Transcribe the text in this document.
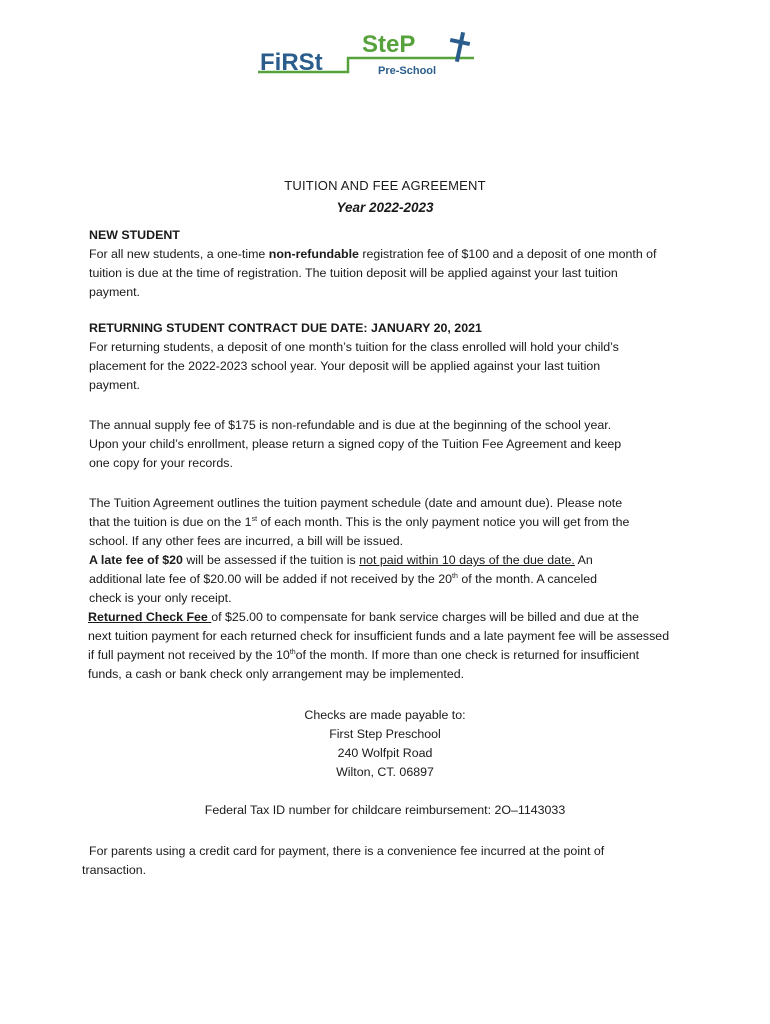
FiRSt
SteP
Pre-School
TUITION AND FEE AGREEMENT
Year 2022-2023
NEW STUDENT
For all new students, a one-time non-refundable registration fee of $100 and a deposit of one month of
tuition is due at the time of registration. The tuition deposit will be applied against your last tuition
payment.
RETURNING STUDENT CONTRACT DUE DATE: JANUARY 20, 2021
For returning students, a deposit of one month’s tuition for the class enrolled will hold your child’s
placement for the 2022-2023 school year. Your deposit will be applied against your last tuition
payment.
The annual supply fee of $175 is non-refundable and is due at the beginning of the school year.
Upon your child’s enrollment, please return a signed copy of the Tuition Fee Agreement and keep
one copy for your records.
The Tuition Agreement outlines the tuition payment schedule (date and amount due). Please note
that the tuition is due on the 1st of each month. This is the only payment notice you will get from the
school. If any other fees are incurred, a bill will be issued.
A late fee of $20 will be assessed if the tuition is not paid within 10 days of the due date. An
additional late fee of $20.00 will be added if not received by the 20th of the month. A canceled
check is your only receipt.
Returned Check Fee of $25.00 to compensate for bank service charges will be billed and due at the
next tuition payment for each returned check for insufficient funds and a late payment fee will be assessed
if full payment not received by the 10thof the month. If more than one check is returned for insufficient
funds, a cash or bank check only arrangement may be implemented.
Checks are made payable to:
First Step Preschool
240 Wolfpit Road
Wilton, CT. 06897
Federal Tax ID number for childcare reimbursement: 2O–1143033
For parents using a credit card for payment, there is a convenience fee incurred at the point of
transaction.
